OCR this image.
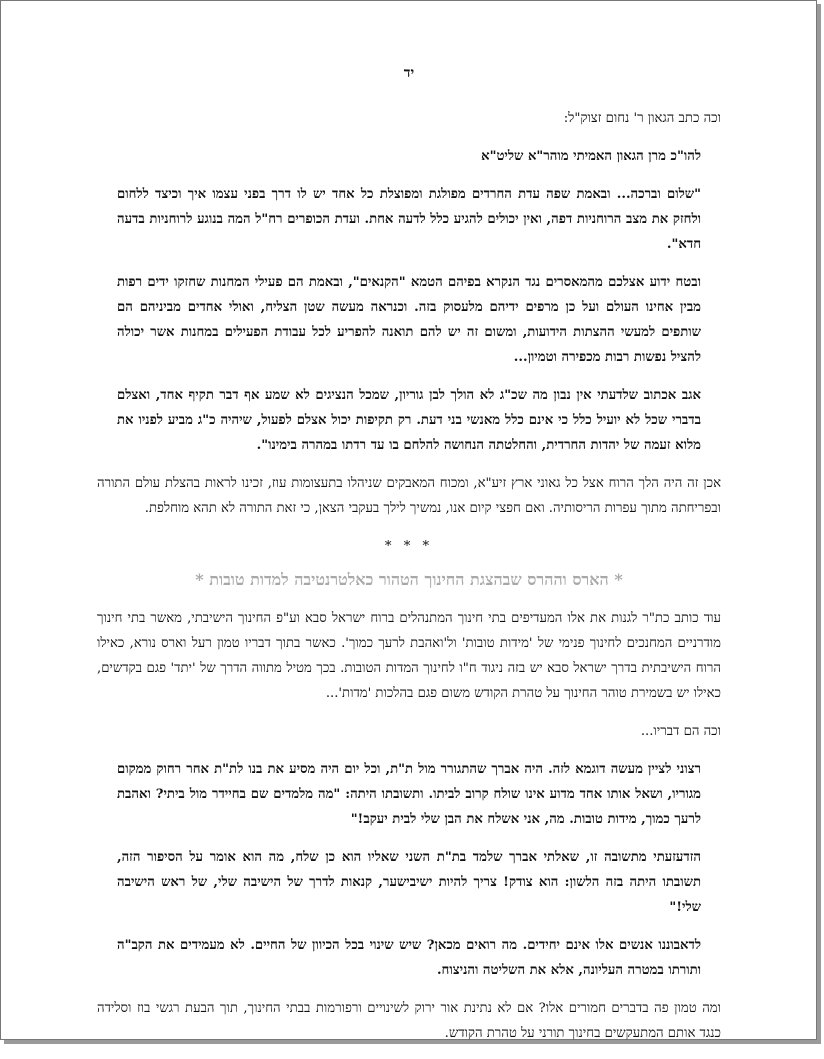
יד

וכה כתב הגאון ר' נחום זצוק"ל:

להו"כ מרן הגאון האמיתי מוהר"א שליט"א

"שלום וברכה... ובאמת שפה עדת החרדים מפולגת ומפוצלת כל אחד יש לו דרך בפני עצמו איך וכיצד ללחום ולחזק את מצב הרוחניות דפה, ואין יכולים להגיע כלל לדעה אחת. ועדת הכופרים רח"ל המה בנוגע לרוחניות בדעה חדא".

ובטח ידוע אצלכם מהמאסרים נגד הנקרא בפיהם הטמא "הקנאים", ובאמת הם פעילי המחנות שחזקו ידים רפות מבין אחינו העולם ועל כן מרפים ידיהם מלעסוק בזה. וכנראה מעשה שטן הצליח, ואולי אחדים מביניהם הם שותפים למעשי ההצתות הידועות, ומשום זה יש להם תואנה להפריע לכל עבודת הפעילים במחנות אשר יכולה להציל נפשות רבות מכפירה וטמיון...

אגב אכתוב שלדעתי אין נבון מה שכ"ג לא הולך לבן גוריון, שמכל הנציגים לא שמע אף דבר תקיף אחד, ואצלם בדברי שכל לא יועיל כלל כי אינם כלל מאנשי בני דעת. רק תקיפות יכול אצלם לפעול, שיהיה כ"ג מביע לפניו את מלוא זעמה של יהדות החרדית, והחלטתה הנחושה להלחם בו עד רדתו במהרה בימינו".

אכן זה היה הלך הרוח אצל כל גאוני ארץ זיע"א, ומכוח המאבקים שניהלו בתעצומות עוז, זכינו לראות בהצלת עולם התורה ובפריחתה מתוך עפרות הריסותיה. ואם חפצי קיום אנו, נמשיך לילך בעקבי הצאן, כי זאת התורה לא תהא מוחלפת.

* * *
* הארס וההרס שבהצגת החינוך הטהור כאלטרנטיבה למדות טובות *

עוד כותב כת"ר לגנות את אלו המעדיפים בתי חינוך המתנהלים ברוח ישראל סבא וע"פ החינוך הישיבתי, מאשר בתי חינוך מודרניים המחנכים לחינוך פנימי של 'מידות טובות' ול'ואהבת לרעך כמוך'. כאשר בתוך דבריו טמון רעל וארס נורא, כאילו הרוח הישיבתית בדרך ישראל סבא יש בזה ניגוד ח"ו לחינוך המדות הטובות. בכך מטיל מתווה הדרך של 'יתד' פגם בקדשים, כאילו יש בשמירת טוהר החינוך על טהרת הקודש משום פגם בהלכות 'מדות'...

וכה הם דבריו...

רצוני לציין מעשה דוגמא לזה. היה אברך שהתגורר מול ת"ת, וכל יום היה מסיע את בנו לת"ת אחר רחוק ממקום מגוריו, ושאל אותו אחד מדוע אינו שולח קרוב לביתו. ותשובתו היתה: "מה מלמדים שם בחיידר מול ביתי? ואהבת לרעך כמוך, מידות טובות. מה, אני אשלח את הבן שלי לבית יעקב!"

הזדעזעתי מתשובה זו, שאלתי אברך שלמד בת"ת השני שאליו הוא כן שלח, מה הוא אומר על הסיפור הזה, תשובתו היתה בזה הלשון: הוא צודק! צריך להיות ישיבישער, קנאות לדרך של הישיבה שלי, של ראש הישיבה שלי!"

לדאבוננו אנשים אלו אינם יחידים. מה רואים מכאן? שיש שינוי בכל הכיוון של החיים. לא מעמידים את הקב"ה ותורתו במטרה העליונה, אלא את השליטה והניצוח.

ומה טמון פה בדברים חמורים אלו? אם לא נתינת אור ירוק לשינויים ורפורמות בבתי החינוך, תוך הבעת רגשי בוז וסלידה כנגד אותם המתעקשים בחינוך תורני על טהרת הקודש.
